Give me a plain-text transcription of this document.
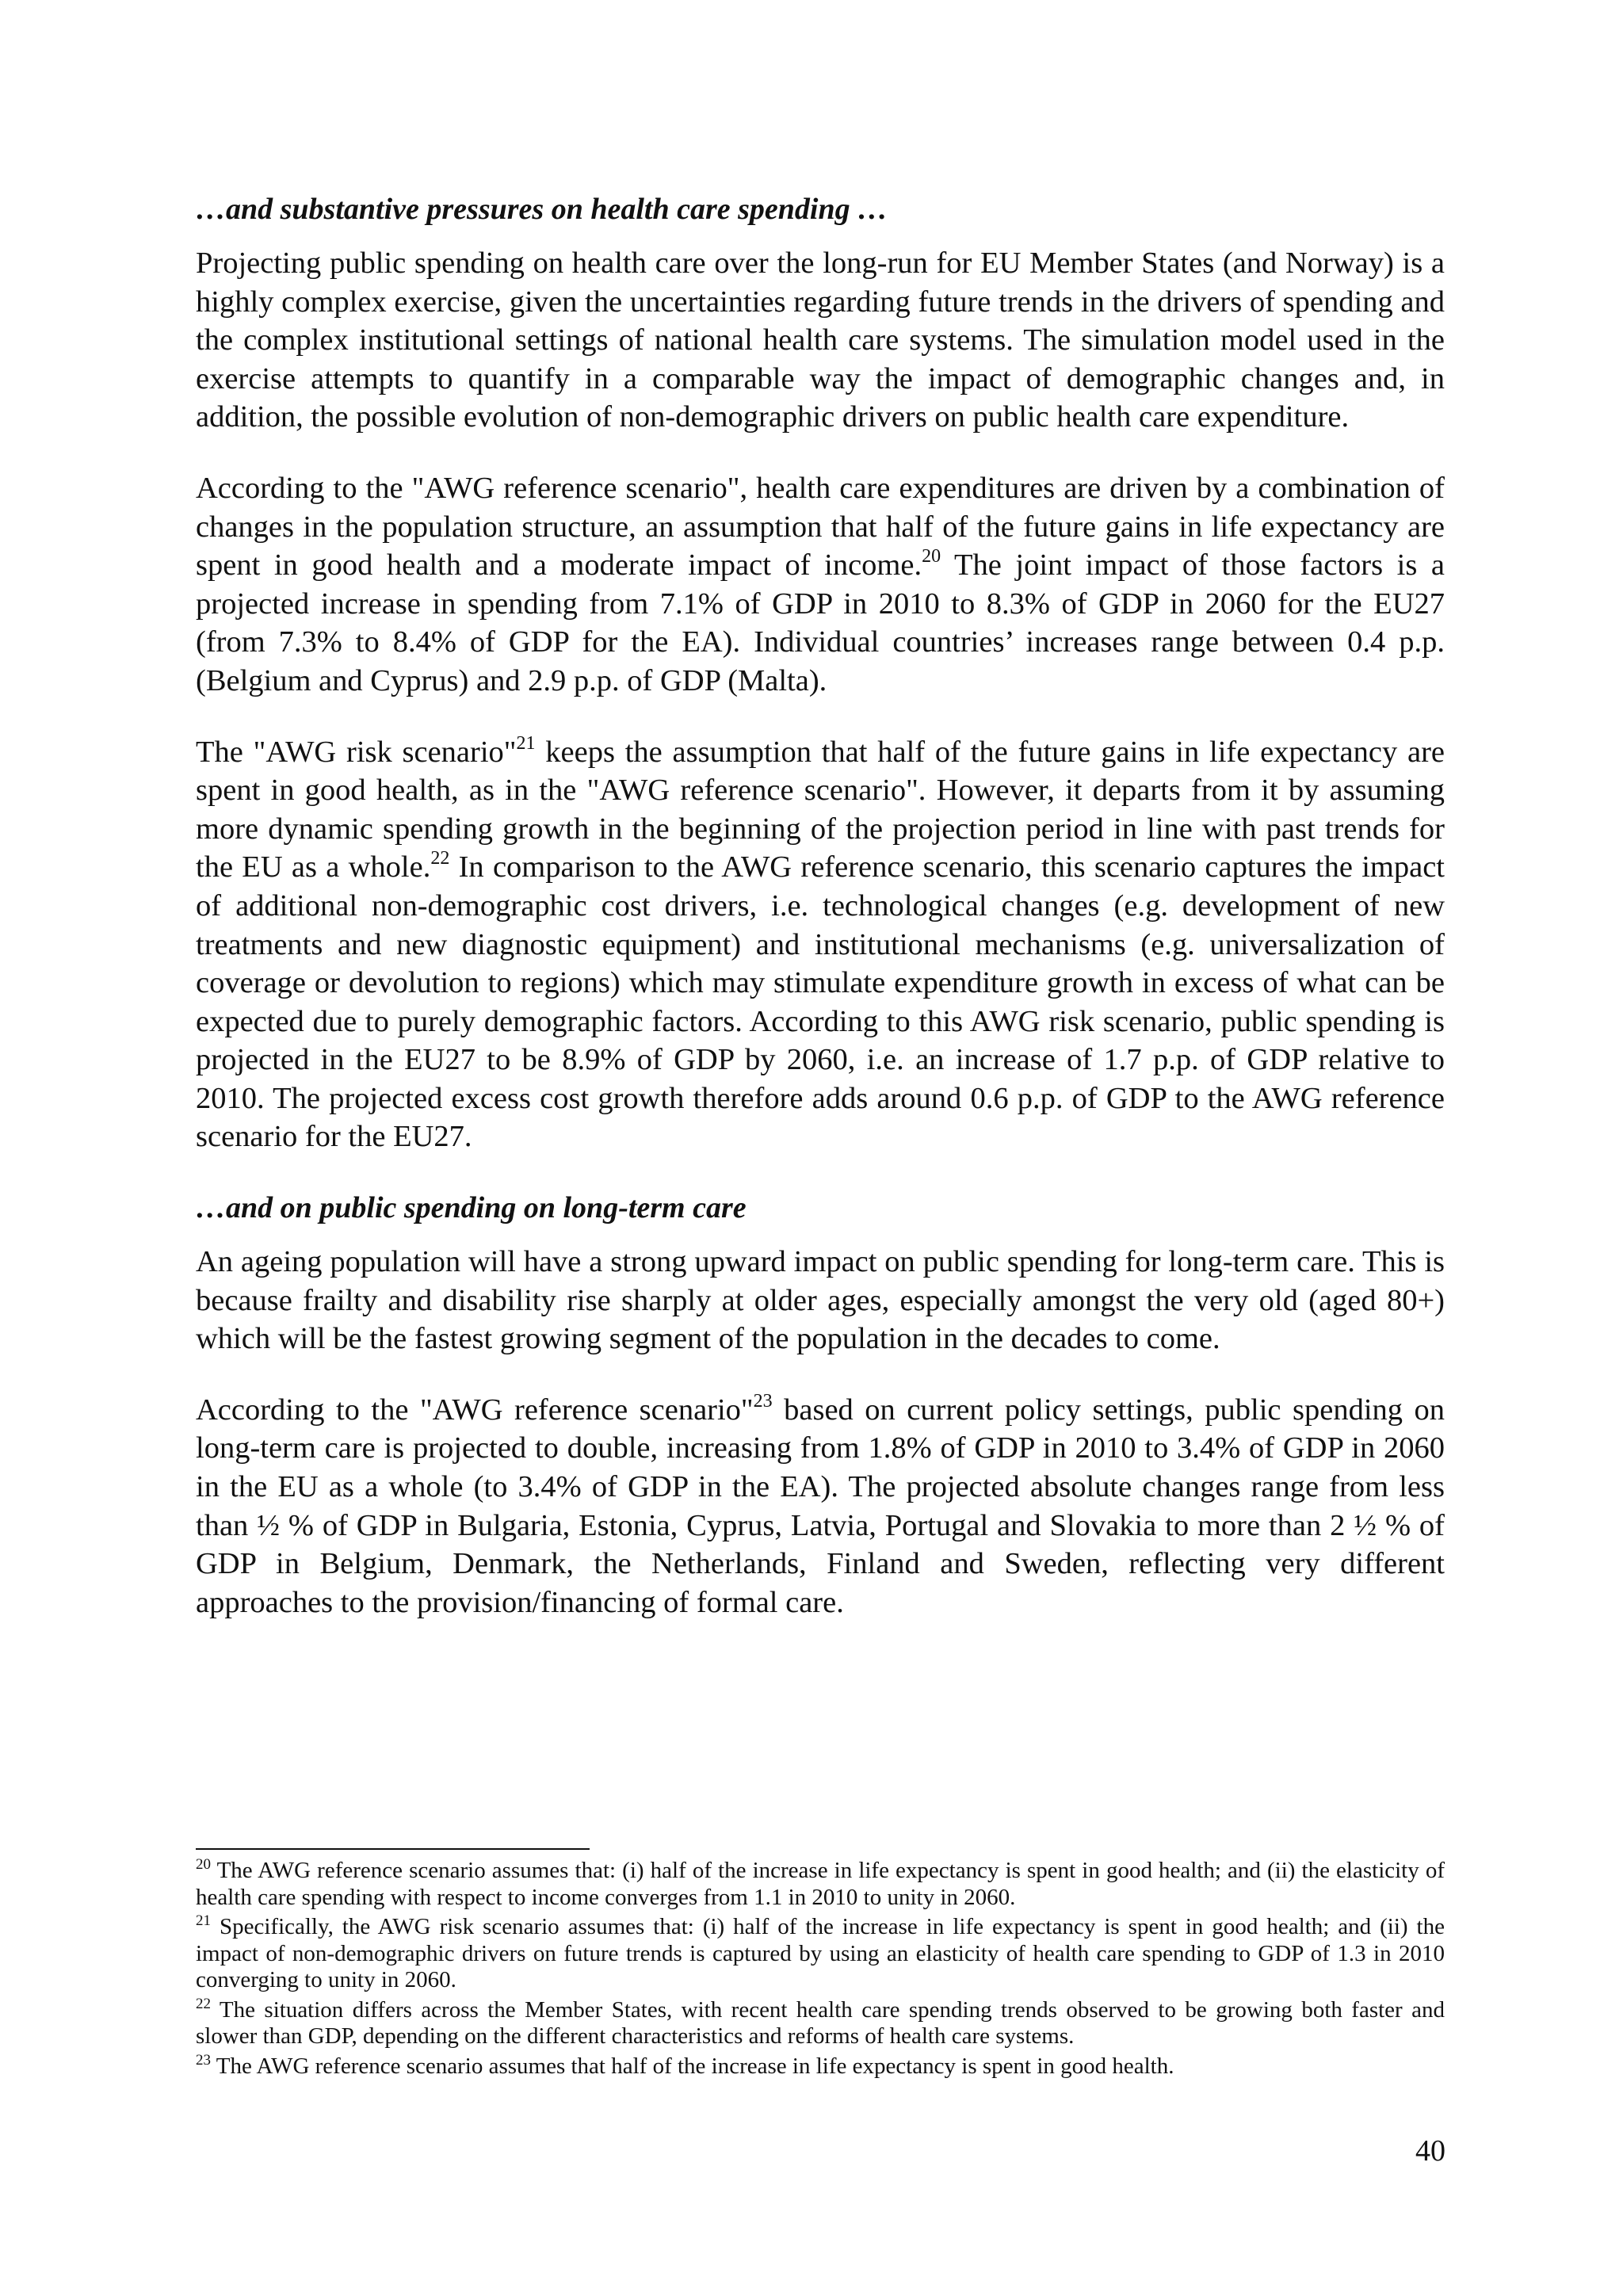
…and substantive pressures on health care spending …

Projecting public spending on health care over the long-run for EU Member States (and Norway) is a highly complex exercise, given the uncertainties regarding future trends in the drivers of spending and the complex institutional settings of national health care systems. The simulation model used in the exercise attempts to quantify in a comparable way the impact of demographic changes and, in addition, the possible evolution of non-demographic drivers on public health care expenditure.

According to the "AWG reference scenario", health care expenditures are driven by a combination of changes in the population structure, an assumption that half of the future gains in life expectancy are spent in good health and a moderate impact of income.$^{20}$ The joint impact of those factors is a projected increase in spending from 7.1% of GDP in 2010 to 8.3% of GDP in 2060 for the EU27 (from 7.3% to 8.4% of GDP for the EA). Individual countries’ increases range between 0.4 p.p. (Belgium and Cyprus) and 2.9 p.p. of GDP (Malta).

The "AWG risk scenario"$^{21}$ keeps the assumption that half of the future gains in life expectancy are spent in good health, as in the "AWG reference scenario". However, it departs from it by assuming more dynamic spending growth in the beginning of the projection period in line with past trends for the EU as a whole.$^{22}$ In comparison to the AWG reference scenario, this scenario captures the impact of additional non-demographic cost drivers, i.e. technological changes (e.g. development of new treatments and new diagnostic equipment) and institutional mechanisms (e.g. universalization of coverage or devolution to regions) which may stimulate expenditure growth in excess of what can be expected due to purely demographic factors. According to this AWG risk scenario, public spending is projected in the EU27 to be 8.9% of GDP by 2060, i.e. an increase of 1.7 p.p. of GDP relative to 2010. The projected excess cost growth therefore adds around 0.6 p.p. of GDP to the AWG reference scenario for the EU27.

…and on public spending on long-term care

An ageing population will have a strong upward impact on public spending for long-term care. This is because frailty and disability rise sharply at older ages, especially amongst the very old (aged 80+) which will be the fastest growing segment of the population in the decades to come.

According to the "AWG reference scenario"$^{23}$ based on current policy settings, public spending on long-term care is projected to double, increasing from 1.8% of GDP in 2010 to 3.4% of GDP in 2060 in the EU as a whole (to 3.4% of GDP in the EA). The projected absolute changes range from less than ½ % of GDP in Bulgaria, Estonia, Cyprus, Latvia, Portugal and Slovakia to more than 2 ½ % of GDP in Belgium, Denmark, the Netherlands, Finland and Sweden, reflecting very different approaches to the provision/financing of formal care.

$^{20}$ The AWG reference scenario assumes that: (i) half of the increase in life expectancy is spent in good health; and (ii) the elasticity of health care spending with respect to income converges from 1.1 in 2010 to unity in 2060.

$^{21}$ Specifically, the AWG risk scenario assumes that: (i) half of the increase in life expectancy is spent in good health; and (ii) the impact of non-demographic drivers on future trends is captured by using an elasticity of health care spending to GDP of 1.3 in 2010 converging to unity in 2060.

$^{22}$ The situation differs across the Member States, with recent health care spending trends observed to be growing both faster and slower than GDP, depending on the different characteristics and reforms of health care systems.

$^{23}$ The AWG reference scenario assumes that half of the increase in life expectancy is spent in good health.

40
